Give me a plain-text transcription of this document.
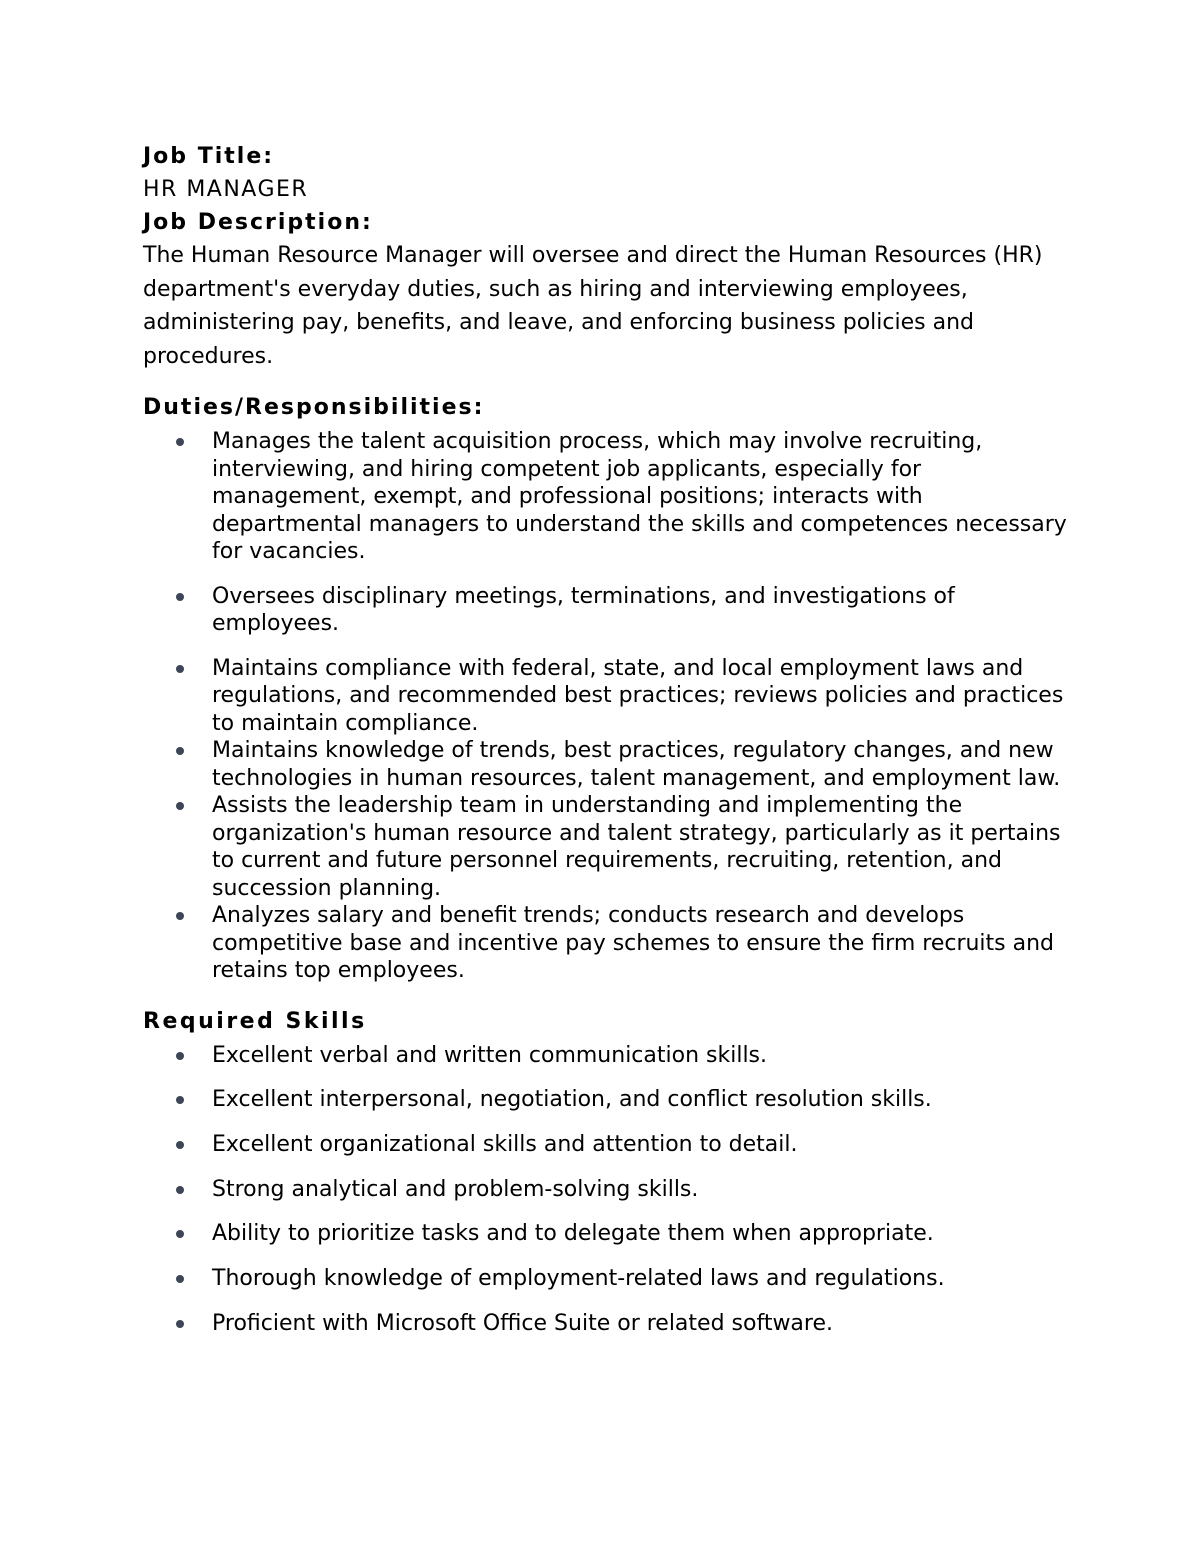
Job Title:

HR MANAGER

Job Description:

The Human Resource Manager will oversee and direct the Human Resources (HR) department's everyday duties, such as hiring and interviewing employees, administering pay, benefits, and leave, and enforcing business policies and procedures.

Duties/Responsibilities:

Manages the talent acquisition process, which may involve recruiting, interviewing, and hiring competent job applicants, especially for management, exempt, and professional positions; interacts with departmental managers to understand the skills and competences necessary for vacancies.
Oversees disciplinary meetings, terminations, and investigations of employees.
Maintains compliance with federal, state, and local employment laws and regulations, and recommended best practices; reviews policies and practices to maintain compliance.
Maintains knowledge of trends, best practices, regulatory changes, and new technologies in human resources, talent management, and employment law.
Assists the leadership team in understanding and implementing the organization's human resource and talent strategy, particularly as it pertains to current and future personnel requirements, recruiting, retention, and succession planning.
Analyzes salary and benefit trends; conducts research and develops competitive base and incentive pay schemes to ensure the firm recruits and retains top employees.

Required Skills

Excellent verbal and written communication skills.
Excellent interpersonal, negotiation, and conflict resolution skills.
Excellent organizational skills and attention to detail.
Strong analytical and problem-solving skills.
Ability to prioritize tasks and to delegate them when appropriate.
Thorough knowledge of employment-related laws and regulations.
Proficient with Microsoft Office Suite or related software.
